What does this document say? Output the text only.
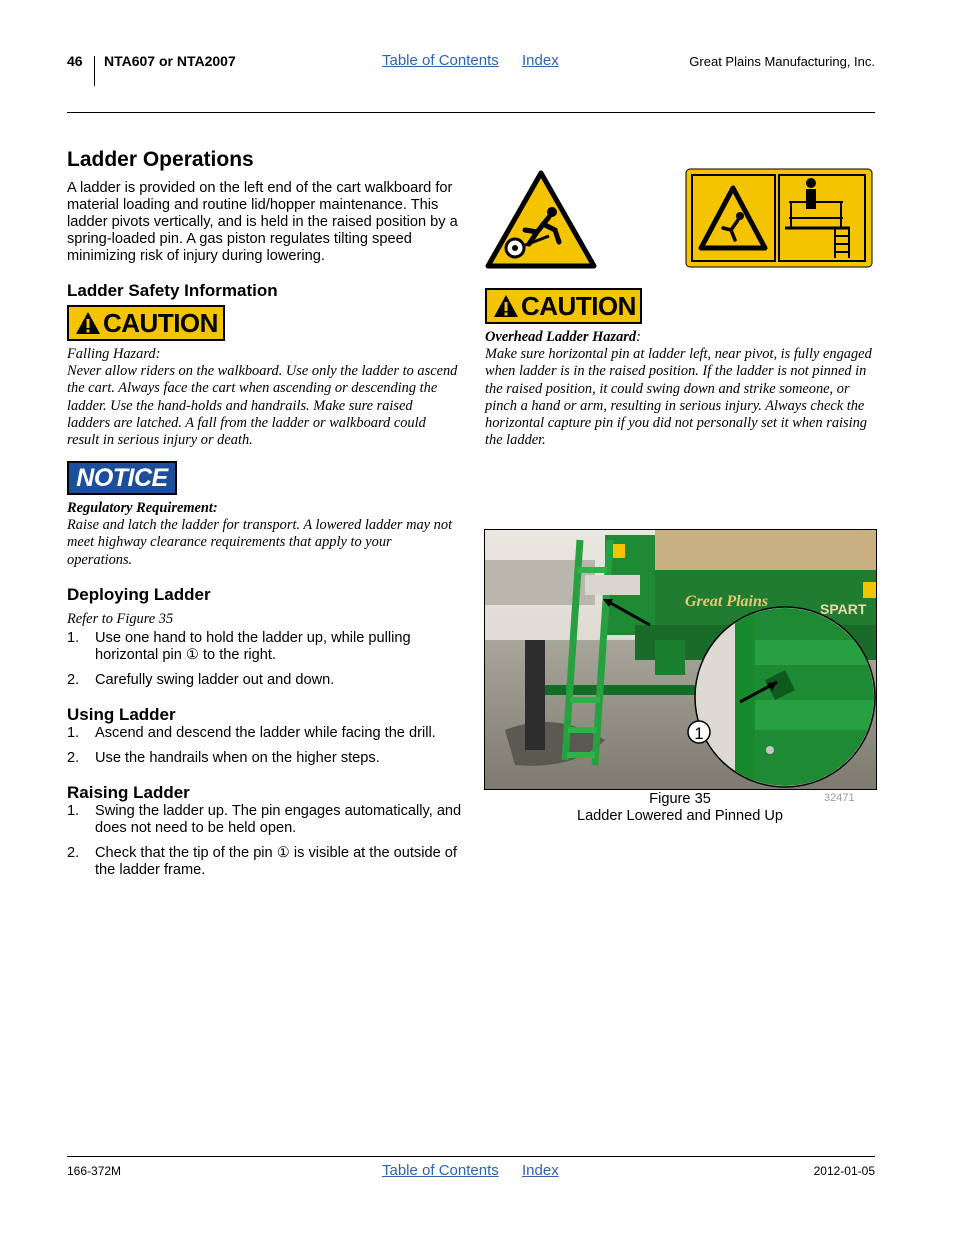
46 NTA607 or NTA2007	Table of Contents Index	Great Plains Manufacturing, Inc.
Ladder Operations
A ladder is provided on the left end of the cart walkboard for material loading and routine lid/hopper maintenance. This ladder pivots vertically, and is held in the raised position by a spring-loaded pin. A gas piston regulates tilting speed minimizing risk of injury during lowering.
Ladder Safety Information
CAUTION
Falling Hazard:
Never allow riders on the walkboard. Use only the ladder to ascend the cart. Always face the cart when ascending or descending the ladder. Use the hand-holds and handrails. Make sure raised ladders are latched. A fall from the ladder or walkboard could result in serious injury or death.
NOTICE
Regulatory Requirement:
Raise and latch the ladder for transport. A lowered ladder may not meet highway clearance requirements that apply to your operations.
CAUTION
Overhead Ladder Hazard:
Make sure horizontal pin at ladder left, near pivot, is fully engaged when ladder is in the raised position. If the ladder is not pinned in the raised position, it could swing down and strike someone, or pinch a hand or arm, resulting in serious injury. Always check the horizontal capture pin if you did not personally set it when raising the ladder.
Deploying Ladder
Refer to Figure 35
1. Use one hand to hold the ladder up, while pulling horizontal pin ① to the right.
2. Carefully swing ladder out and down.
Using Ladder
1. Ascend and descend the ladder while facing the drill.
2. Use the handrails when on the higher steps.
Raising Ladder
1. Swing the ladder up. The pin engages automatically, and does not need to be held open.
2. Check that the tip of the pin ① is visible at the outside of the ladder frame.
Great Plains	SPART
1
Figure 35	32471
Ladder Lowered and Pinned Up
166-372M	Table of Contents Index	2012-01-05
